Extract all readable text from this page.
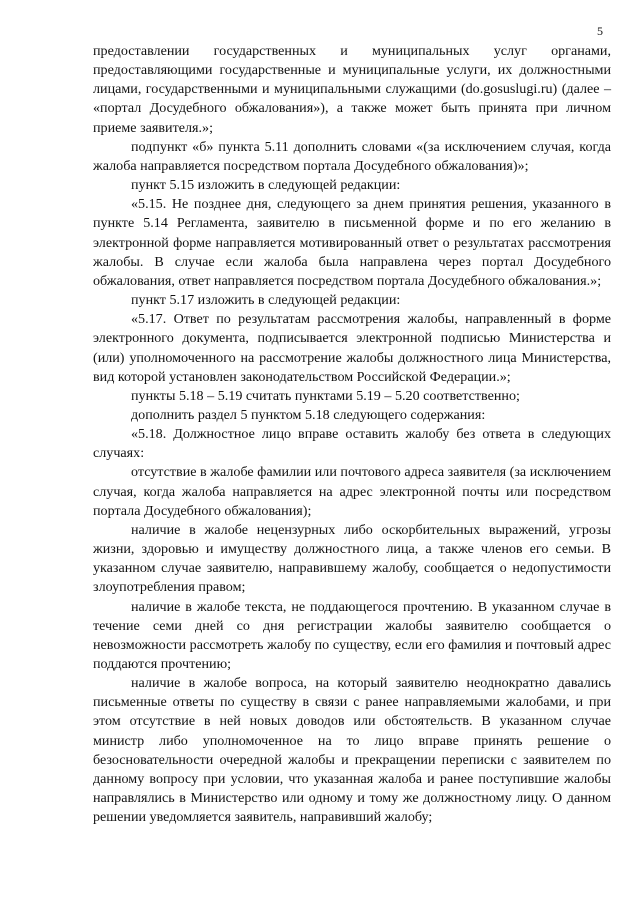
5

предоставлении государственных и муниципальных услуг органами, предоставляющими государственные и муниципальные услуги, их должностными лицами, государственными и муниципальными служащими (do.gosuslugi.ru) (далее – «портал Досудебного обжалования»), а также может быть принята при личном приеме заявителя.»;

подпункт «б» пункта 5.11 дополнить словами «(за исключением случая, когда жалоба направляется посредством портала Досудебного обжалования)»;

пункт 5.15 изложить в следующей редакции:

«5.15. Не позднее дня, следующего за днем принятия решения, указанного в пункте 5.14 Регламента, заявителю в письменной форме и по его желанию в электронной форме направляется мотивированный ответ о результатах рассмотрения жалобы. В случае если жалоба была направлена через портал Досудебного обжалования, ответ направляется посредством портала Досудебного обжалования.»;

пункт 5.17 изложить в следующей редакции:

«5.17. Ответ по результатам рассмотрения жалобы, направленный в форме электронного документа, подписывается электронной подписью Министерства и (или) уполномоченного на рассмотрение жалобы должностного лица Министерства, вид которой установлен законодательством Российской Федерации.»;

пункты 5.18 – 5.19 считать пунктами 5.19 – 5.20 соответственно;

дополнить раздел 5 пунктом 5.18 следующего содержания:

«5.18. Должностное лицо вправе оставить жалобу без ответа в следующих случаях:

отсутствие в жалобе фамилии или почтового адреса заявителя (за исключением случая, когда жалоба направляется на адрес электронной почты или посредством портала Досудебного обжалования);

наличие в жалобе нецензурных либо оскорбительных выражений, угрозы жизни, здоровью и имуществу должностного лица, а также членов его семьи. В указанном случае заявителю, направившему жалобу, сообщается о недопустимости злоупотребления правом;

наличие в жалобе текста, не поддающегося прочтению. В указанном случае в течение семи дней со дня регистрации жалобы заявителю сообщается о невозможности рассмотреть жалобу по существу, если его фамилия и почтовый адрес поддаются прочтению;

наличие в жалобе вопроса, на который заявителю неоднократно давались письменные ответы по существу в связи с ранее направляемыми жалобами, и при этом отсутствие в ней новых доводов или обстоятельств. В указанном случае министр либо уполномоченное на то лицо вправе принять решение о безосновательности очередной жалобы и прекращении переписки с заявителем по данному вопросу при условии, что указанная жалоба и ранее поступившие жалобы направлялись в Министерство или одному и тому же должностному лицу. О данном решении уведомляется заявитель, направивший жалобу;
